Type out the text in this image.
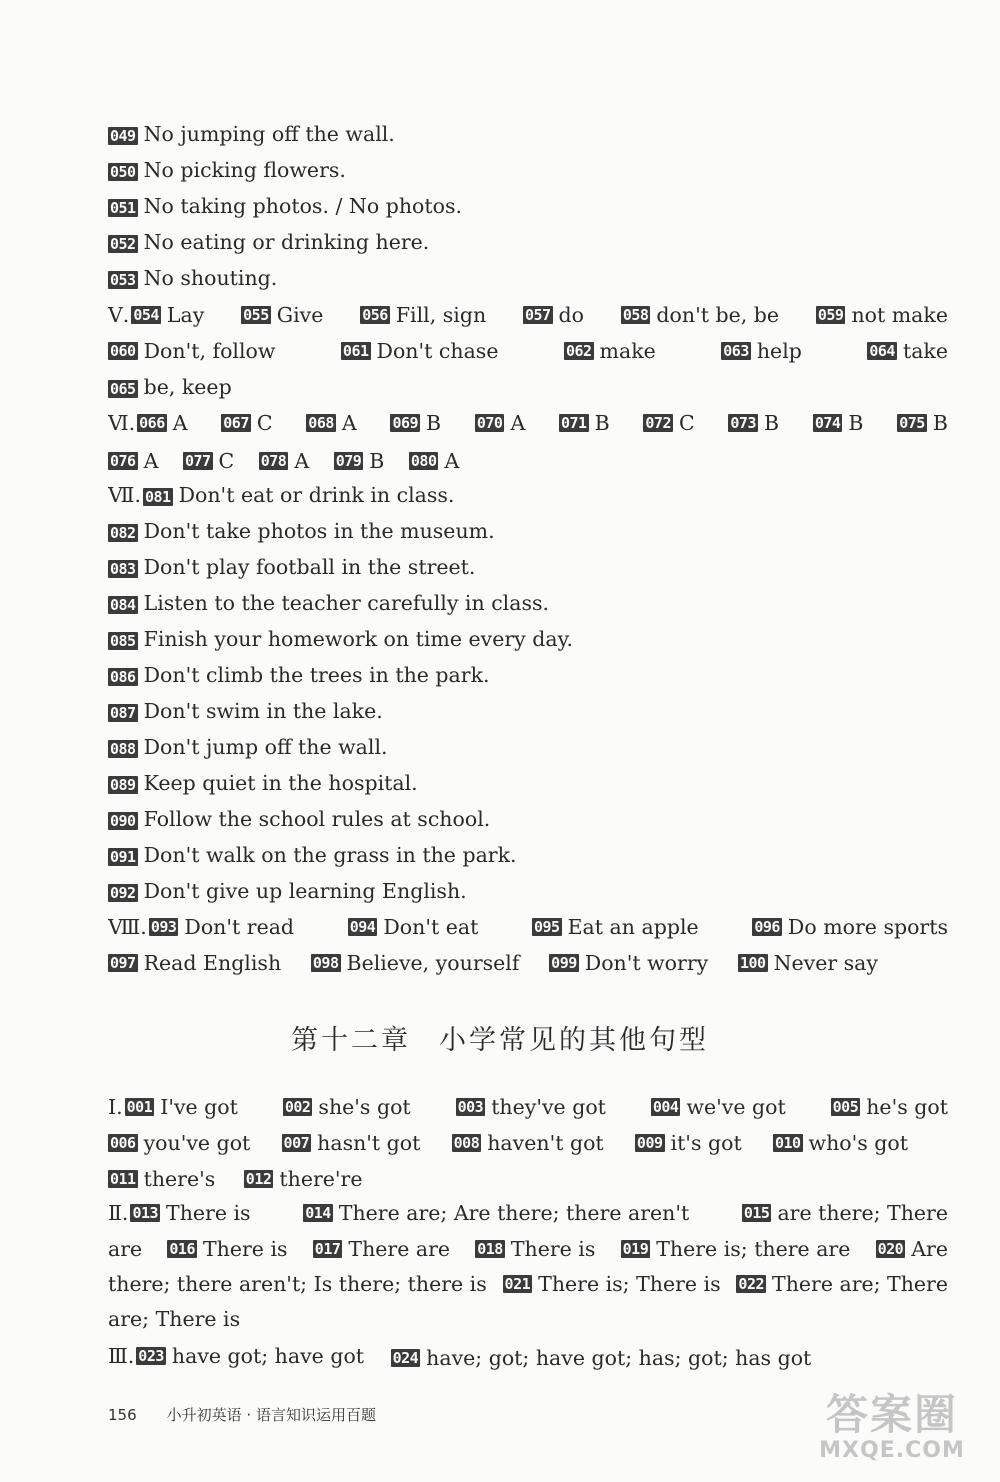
049 No jumping off the wall.
050 No picking flowers.
051 No taking photos. / No photos.
052 No eating or drinking here.
053 No shouting.
Ⅴ. 054 Lay	055 Give	056 Fill, sign	057 do	058 don't be, be	059 not make
060 Don't, follow	061 Don't chase	062 make	063 help	064 take
065 be, keep
Ⅵ. 066 A 067 C 068 A 069 B 070 A 071 B 072 C 073 B 074 B 075 B
076 A
077 C
078 A
079 B
080 A
Ⅶ. 081 Don't eat or drink in class.
082 Don't take photos in the museum.
083 Don't play football in the street.
084 Listen to the teacher carefully in class.
085 Finish your homework on time every day.
086 Don't climb the trees in the park.
087 Don't swim in the lake.
088 Don't jump off the wall.
089 Keep quiet in the hospital.
090 Follow the school rules at school.
091 Don't walk on the grass in the park.
092 Don't give up learning English.
Ⅷ. 093 Don't read	094 Don't eat	095 Eat an apple	096 Do more sports
097 Read English 098 Believe, yourself 099 Don't worry 100 Never say
第十二章 小学常见的其他句型
Ⅰ. 001 I've got	002 she's got	003 they've got	004 we've got	005 he's got
006 you've got 007 hasn't got 008 haven't got 009 it's got 010 who's got
011 there's
012 there're
Ⅱ. 013 There is	014 There are; Are there; there aren't	015 are there; There
are 016 There is 017 There are 018 There is 019 There is; there are 020 Are
there; there aren't; Is there; there is 021 There is; There is 022 There are; There
are; There is
Ⅲ. 023 have got; have got
024 have; got; have got; has; got; has got
156 小升初英语 · 语言知识运用百题	答案圈
MXQE.COM
